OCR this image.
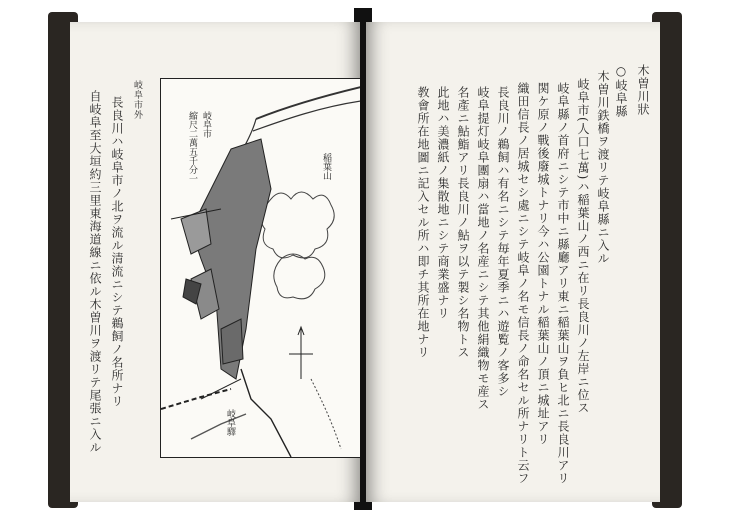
岐阜市外
長良川ハ岐阜市ノ北ヲ流ル清流ニシテ鵜飼ノ名所ナリ
自岐阜至大垣約三里東海道線ニ依ル木曽川ヲ渡リテ尾張ニ入ル	岐阜市
縮尺二萬五千分一	稲葉山
岐阜驛
木曽川狀
○岐阜縣
木曽川鉄橋ヲ渡リテ岐阜縣ニ入ル
岐阜市(人口七萬)ハ稲葉山ノ西ニ在リ長良川ノ左岸ニ位ス
岐阜縣ノ首府ニシテ市中ニ縣廳アリ東ニ稲葉山ヲ負ヒ北ニ長良川アリ
関ケ原ノ戰後廢城トナリ今ハ公園トナル稲葉山ノ頂ニ城址アリ
織田信長ノ居城セシ處ニシテ岐阜ノ名モ信長ノ命名セル所ナリト云フ
長良川ノ鵜飼ハ有名ニシテ毎年夏季ニハ遊覧ノ客多シ
岐阜提灯岐阜團扇ハ當地ノ名産ニシテ其他絹織物モ産ス
名產ニ鮎鮨アリ長良川ノ鮎ヲ以テ製シ名物トス
此地ハ美濃紙ノ集散地ニシテ商業盛ナリ
教會所在地圖ニ記入セル所ハ即チ其所在地ナリ
